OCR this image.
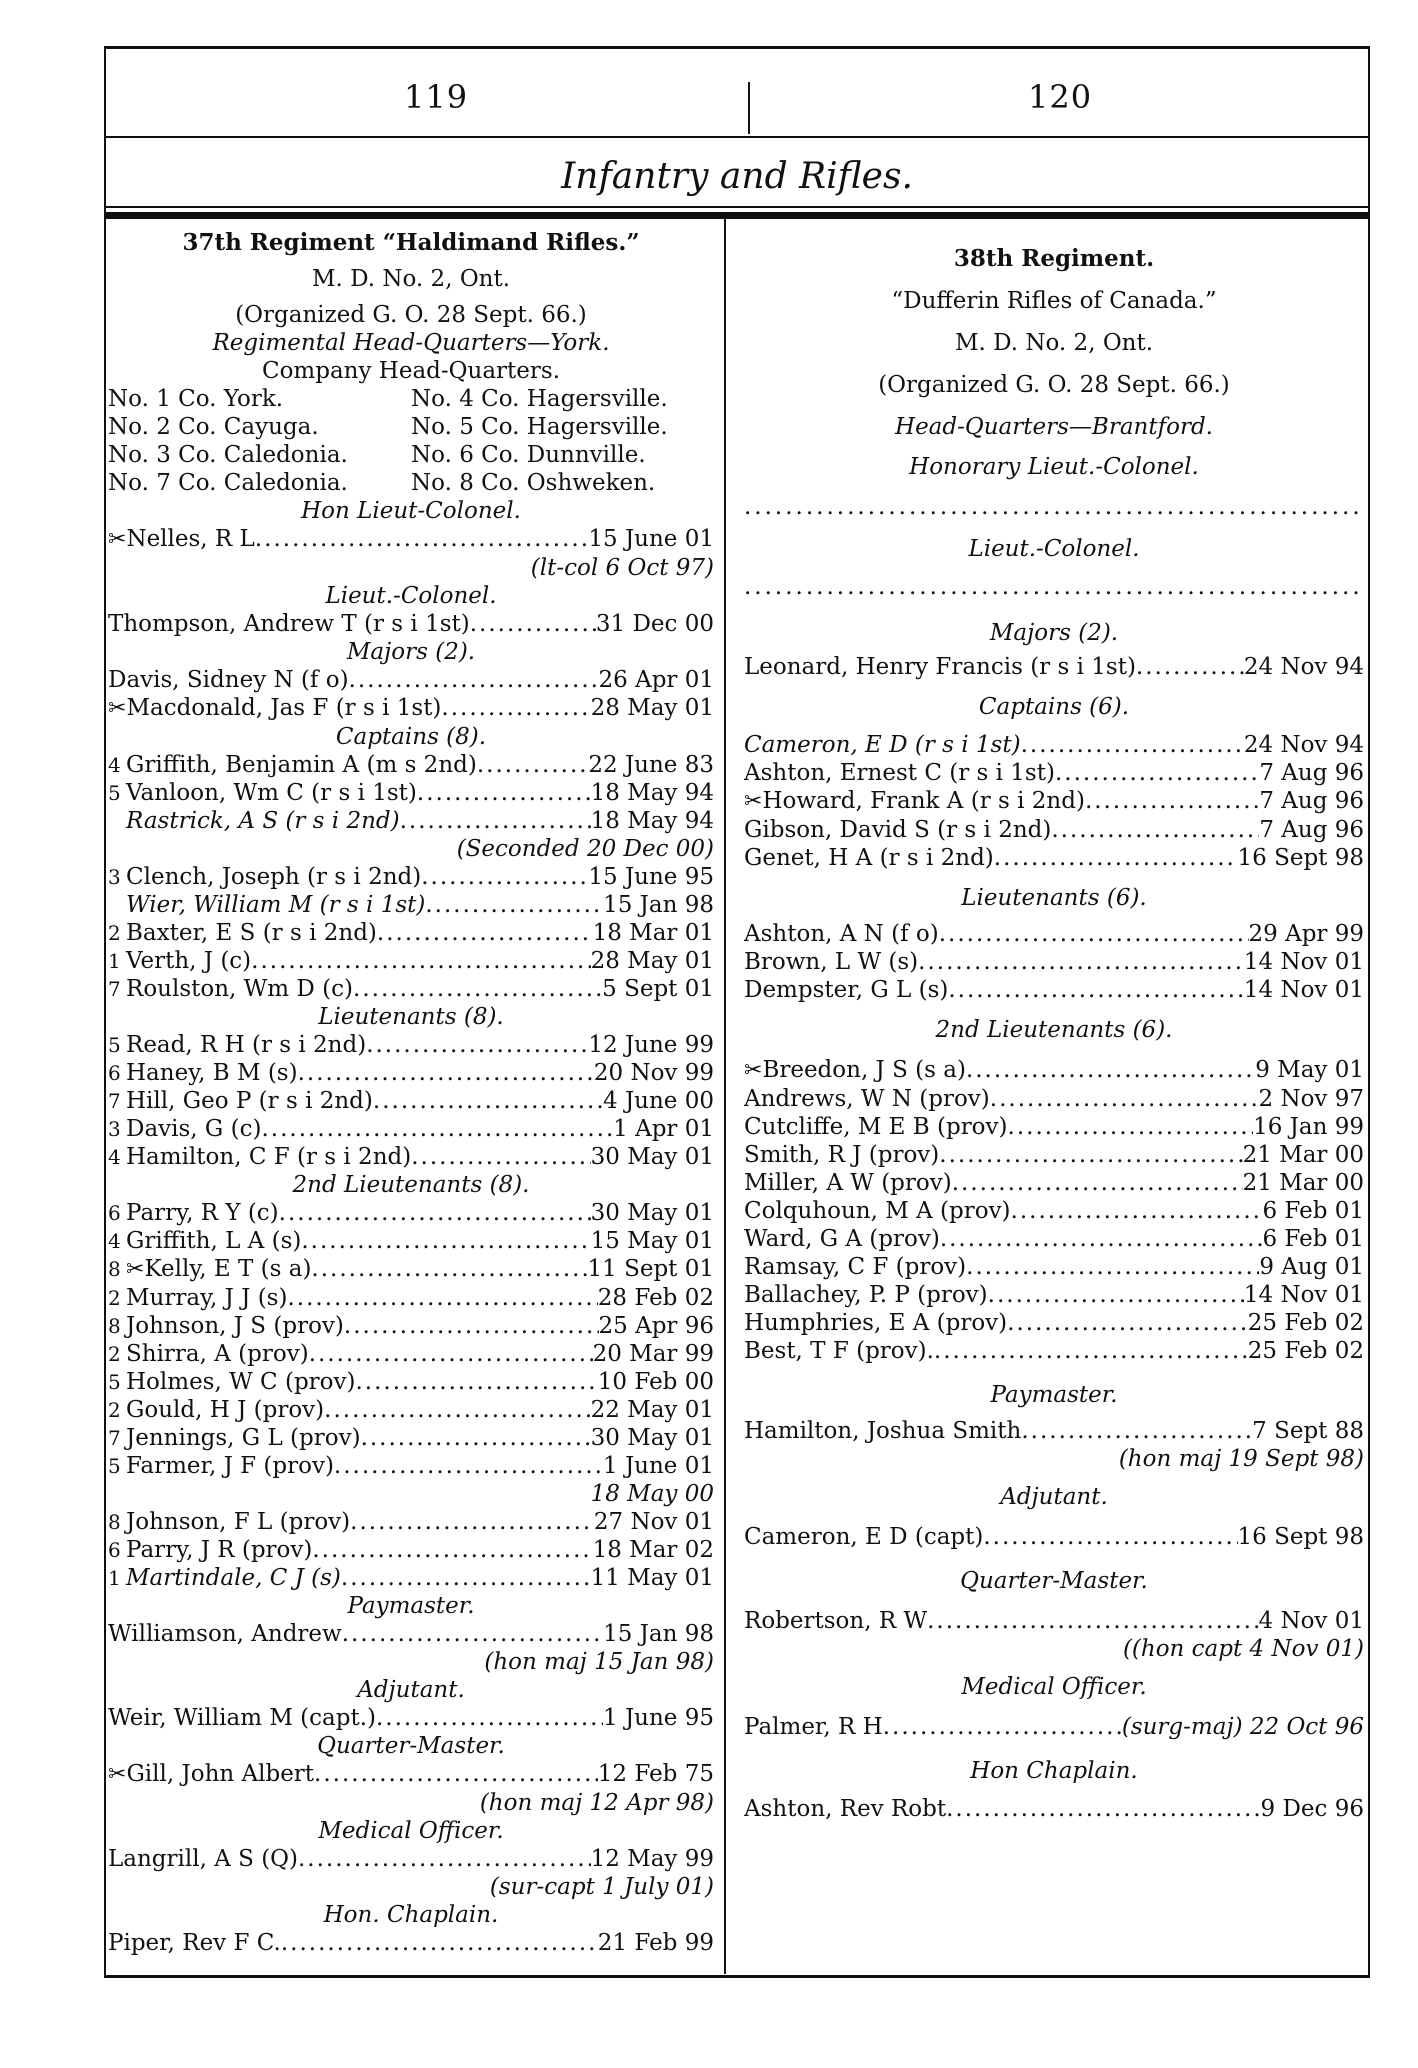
119	120
Infantry and Rifles.
37th Regiment “Haldimand Rifles.”
M. D. No. 2, Ont.
(Organized G. O. 28 Sept. 66.)
Regimental Head-Quarters—York.
Company Head-Quarters.
No. 1 Co. York.	No. 4 Co. Hagersville.
No. 2 Co. Cayuga.	No. 5 Co. Hagersville.
No. 3 Co. Caledonia.	No. 6 Co. Dunnville.
No. 7 Co. Caledonia.	No. 8 Co. Oshweken.
Hon Lieut-Colonel.
✂Nelles, R L .....	15 June 01
(lt-col 6 Oct 97)
Lieut.-Colonel.
Thompson, Andrew T (r s i 1st) .....	31 Dec 00
Majors (2).
Davis, Sidney N (f o) .....	26 Apr 01
✂Macdonald, Jas F (r s i 1st) .....	28 May 01
Captains (8).
4 Griffith, Benjamin A (m s 2nd) .....	22 June 83
5 Vanloon, Wm C (r s i 1st) .....	18 May 94
Rastrick, A S (r s i 2nd) .....	18 May 94
(Seconded 20 Dec 00)
3 Clench, Joseph (r s i 2nd) .....	15 June 95
Wier, William M (r s i 1st) .....	15 Jan 98
2 Baxter, E S (r s i 2nd) .....	18 Mar 01
1 Verth, J (c) .....	28 May 01
7 Roulston, Wm D (c) .....	5 Sept 01
Lieutenants (8).
5 Read, R H (r s i 2nd) .....	12 June 99
6 Haney, B M (s) .....	20 Nov 99
7 Hill, Geo P (r s i 2nd) .....	4 June 00
3 Davis, G (c) .....	1 Apr 01
4 Hamilton, C F (r s i 2nd) .....	30 May 01
2nd Lieutenants (8).
6 Parry, R Y (c) .....	30 May 01
4 Griffith, L A (s) .....	15 May 01
8 ✂Kelly, E T (s a) .....	11 Sept 01
2 Murray, J J (s) .....	28 Feb 02
8 Johnson, J S (prov) .....	25 Apr 96
2 Shirra, A (prov) .....	20 Mar 99
5 Holmes, W C (prov) .....	10 Feb 00
2 Gould, H J (prov) .....	22 May 01
7 Jennings, G L (prov) .....	30 May 01
5 Farmer, J F (prov) .....	1 June 01
18 May 00
8 Johnson, F L (prov) .....	27 Nov 01
6 Parry, J R (prov) .....	18 Mar 02
1 Martindale, C J (s) .....	11 May 01
Paymaster.
Williamson, Andrew .....	15 Jan 98
(hon maj 15 Jan 98)
Adjutant.
Weir, William M (capt.) .....	1 June 95
Quarter-Master.
✂Gill, John Albert .....	12 Feb 75
(hon maj 12 Apr 98)
Medical Officer.
Langrill, A S (Q) .....	12 May 99
(sur-capt 1 July 01)
Hon. Chaplain.
Piper, Rev F C. .....	21 Feb 99
38th Regiment.
“Dufferin Rifles of Canada.”
M. D. No. 2, Ont.
(Organized G. O. 28 Sept. 66.)
Head-Quarters—Brantford.
Honorary Lieut.-Colonel.
.....
Lieut.-Colonel.
.....
Majors (2).
Leonard, Henry Francis (r s i 1st) .....	24 Nov 94
Captains (6).
Cameron, E D (r s i 1st) .....	24 Nov 94
Ashton, Ernest C (r s i 1st) .....	7 Aug 96
✂Howard, Frank A (r s i 2nd) .....	7 Aug 96
Gibson, David S (r s i 2nd) .....	7 Aug 96
Genet, H A (r s i 2nd) .....	16 Sept 98
Lieutenants (6).
Ashton, A N (f o) .....	29 Apr 99
Brown, L W (s) .....	14 Nov 01
Dempster, G L (s) .....	14 Nov 01
2nd Lieutenants (6).
✂Breedon, J S (s a) .....	9 May 01
Andrews, W N (prov) .....	2 Nov 97
Cutcliffe, M E B (prov) .....	16 Jan 99
Smith, R J (prov) .....	21 Mar 00
Miller, A W (prov) .....	21 Mar 00
Colquhoun, M A (prov) .....	6 Feb 01
Ward, G A (prov) .....	6 Feb 01
Ramsay, C F (prov) .....	9 Aug 01
Ballachey, P. P (prov) .....	14 Nov 01
Humphries, E A (prov) .....	25 Feb 02
Best, T F (prov). .....	25 Feb 02
Paymaster.
Hamilton, Joshua Smith .....	7 Sept 88
(hon maj 19 Sept 98)
Adjutant.
Cameron, E D (capt) .....	16 Sept 98
Quarter-Master.
Robertson, R W .....	4 Nov 01
((hon capt 4 Nov 01)
Medical Officer.
Palmer, R H .....	(surg-maj) 22 Oct 96
Hon Chaplain.
Ashton, Rev Robt .....	9 Dec 96
